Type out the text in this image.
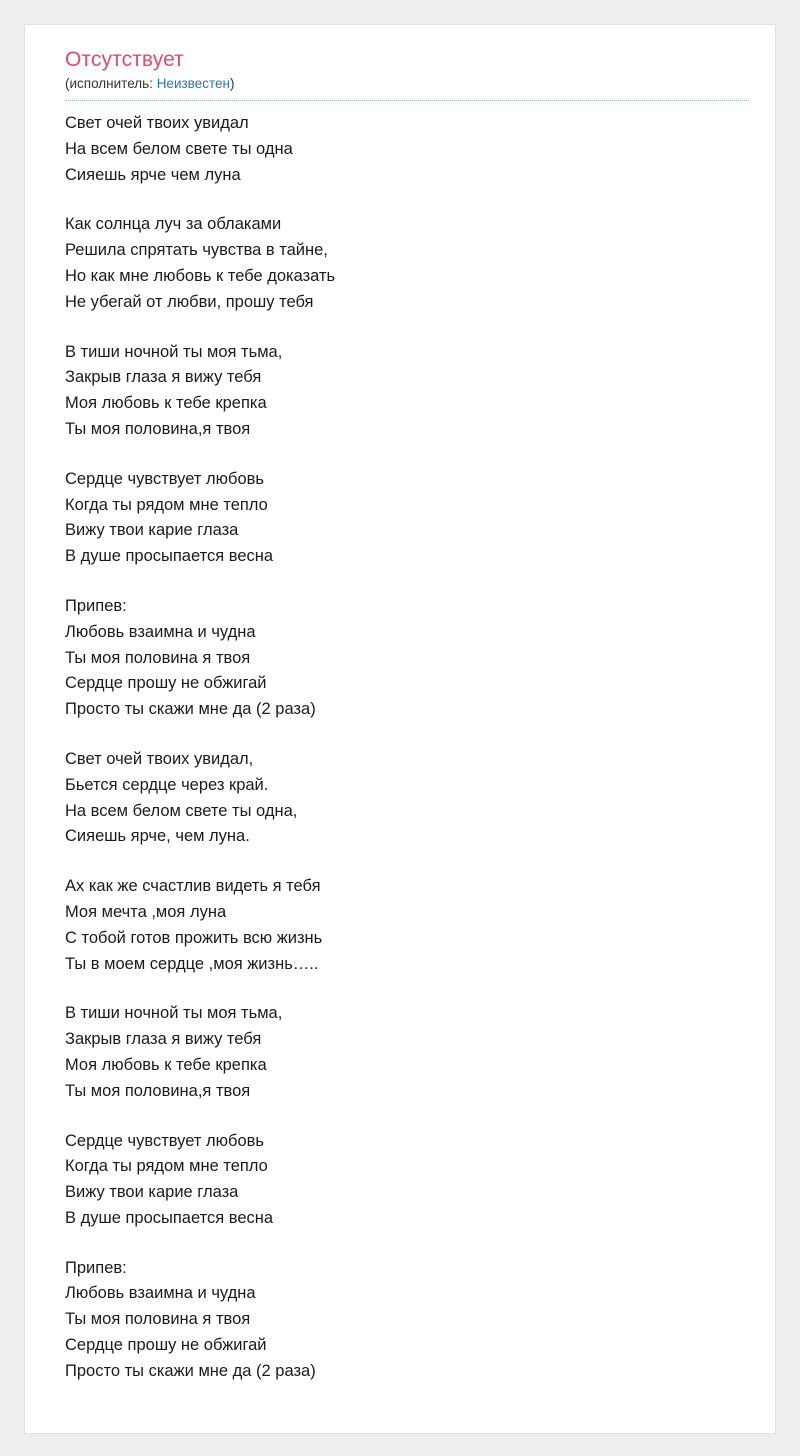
Отсутствует
(исполнитель: Неизвестен)
Свет очей твоих увидал
На всем белом свете ты одна
Сияешь ярче чем луна
Как солнца луч за облаками
Решила спрятать чувства в тайне,
Но как мне любовь к тебе доказать
Не убегай от любви, прошу тебя
В тиши ночной ты моя тьма,
Закрыв глаза я вижу тебя
Моя любовь к тебе крепка
Ты моя половина,я твоя
Сердце чувствует любовь
Когда ты рядом мне тепло
Вижу твои карие глаза
В душе просыпается весна
Припев:
Любовь взаимна и чудна
Ты моя половина я твоя
Сердце прошу не обжигай
Просто ты скажи мне да (2 раза)
Свет очей твоих увидал,
Бьется сердце через край.
На всем белом свете ты одна,
Сияешь ярче, чем луна.
Ах как же счастлив видеть я тебя
Моя мечта ,моя луна
С тобой готов прожить всю жизнь
Ты в моем сердце ,моя жизнь…..
В тиши ночной ты моя тьма,
Закрыв глаза я вижу тебя
Моя любовь к тебе крепка
Ты моя половина,я твоя
Сердце чувствует любовь
Когда ты рядом мне тепло
Вижу твои карие глаза
В душе просыпается весна
Припев:
Любовь взаимна и чудна
Ты моя половина я твоя
Сердце прошу не обжигай
Просто ты скажи мне да (2 раза)
